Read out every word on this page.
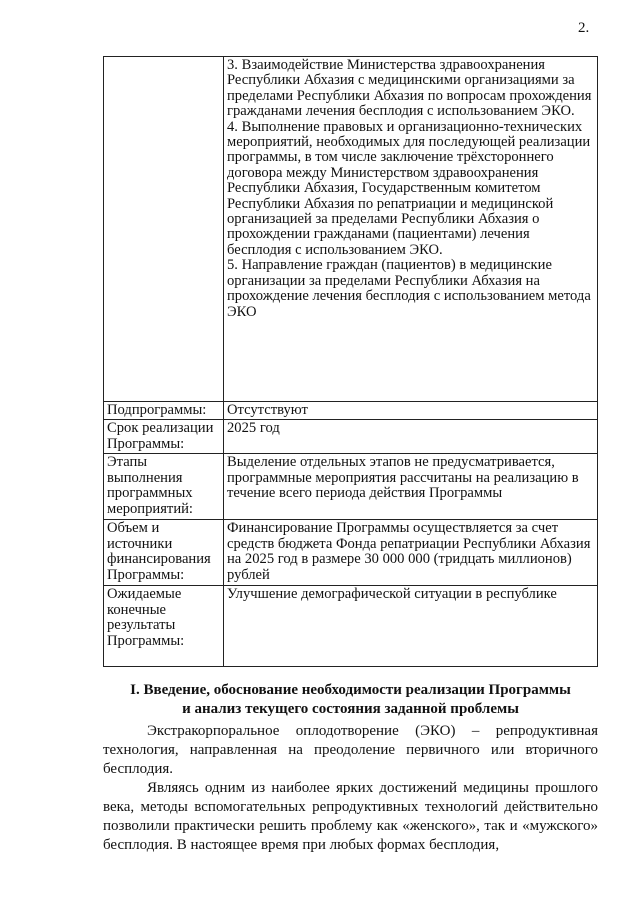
2.

	3. Взаимодействие Министерства здравоохранения Республики Абхазия с медицинскими организациями за пределами Республики Абхазия по вопросам прохождения гражданами лечения бесплодия с использованием ЭКО.

4. Выполнение правовых и организационно-технических мероприятий, необходимых для последующей реализации программы, в том числе заключение трёхстороннего договора между Министерством здравоохранения Республики Абхазия, Государственным комитетом Республики Абхазия по репатриации и медицинской организацией за пределами Республики Абхазия о прохождении гражданами (пациентами) лечения бесплодия с использованием ЭКО.

5. Направление граждан (пациентов) в медицинские организации за пределами Республики Абхазия на прохождение лечения бесплодия с использованием метода ЭКО

Подпрограммы:	Отсутствуют
Срок реализации Программы:	2025 год
Этапы выполнения программных мероприятий:	Выделение отдельных этапов не предусматривается, программные мероприятия рассчитаны на реализацию в течение всего периода действия Программы
Объем и источники финансирования Программы:	Финансирование Программы осуществляется за счет средств бюджета Фонда репатриации Республики Абхазия на 2025 год в размере 30 000 000 (тридцать миллионов) рублей
Ожидаемые конечные результаты Программы:	Улучшение демографической ситуации в республике
I. Введение, обоснование необходимости реализации Программы
и анализ текущего состояния заданной проблемы

Экстракорпоральное оплодотворение (ЭКО) – репродуктивная технология, направленная на преодоление первичного или вторичного бесплодия.

Являясь одним из наиболее ярких достижений медицины прошлого века, методы вспомогательных репродуктивных технологий действительно позволили практически решить проблему как «женского», так и «мужского» бесплодия. В настоящее время при любых формах бесплодия,
